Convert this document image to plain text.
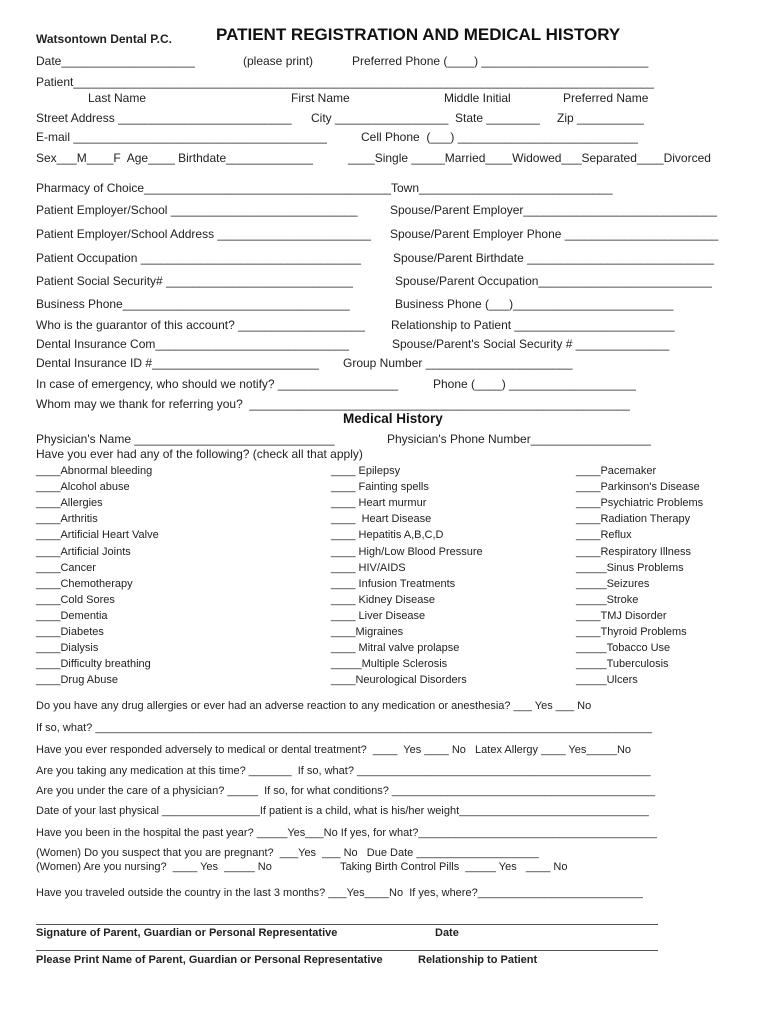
Watsontown Dental P.C.	PATIENT REGISTRATION AND MEDICAL HISTORY
Date____________________	(please print)	Preferred Phone (____) _________________________
Patient_______________________________________________________________________________________
Last Name	First Name	Middle Initial	Preferred Name
Street Address __________________________ City _________________ State ________ Zip __________
E-mail ______________________________________	Cell Phone  (___) ___________________________
Sex___M____F  Age____ Birthdate_____________	____Single _____Married____Widowed___Separated____Divorced
Pharmacy of Choice_____________________________________Town_____________________________
Patient Employer/School ____________________________	Spouse/Parent Employer_____________________________
Patient Employer/School Address _______________________ Spouse/Parent Employer Phone _______________________
Patient Occupation _________________________________	Spouse/Parent Birthdate ____________________________
Patient Social Security# ____________________________	Spouse/Parent Occupation__________________________
Business Phone__________________________________	Business Phone (___)________________________
Who is the guarantor of this account? ___________________ Relationship to Patient ________________________
Dental Insurance Com_____________________________	Spouse/Parent's Social Security # ______________
Dental Insurance ID #_________________________ Group Number ______________________
In case of emergency, who should we notify? __________________	Phone (____) ___________________
Whom may we thank for referring you?  _________________________________________________________
Medical History
Physician's Name ______________________________	Physician's Phone Number__________________
Have you ever had any of the following? (check all that apply)
____Abnormal bleeding
____Alcohol abuse
____Allergies
____Arthritis
____Artificial Heart Valve
____Artificial Joints
____Cancer
____Chemotherapy
____Cold Sores
____Dementia
____Diabetes
____Dialysis
____Difficulty breathing
____Drug Abuse
____ Epilepsy
____ Fainting spells
____ Heart murmur
____  Heart Disease
____ Hepatitis A,B,C,D
____ High/Low Blood Pressure
____ HIV/AIDS
____ Infusion Treatments
____ Kidney Disease
____ Liver Disease
____Migraines
____ Mitral valve prolapse
_____Multiple Sclerosis
____Neurological Disorders
____Pacemaker
____Parkinson's Disease
____Psychiatric Problems
____Radiation Therapy
____Reflux
____Respiratory Illness
_____Sinus Problems
_____Seizures
_____Stroke
____TMJ Disorder
____Thyroid Problems
_____Tobacco Use
_____Tuberculosis
_____Ulcers
Do you have any drug allergies or ever had an adverse reaction to any medication or anesthesia? ___ Yes ___ No
If so, what? ___________________________________________________________________________________________
Have you ever responded adversely to medical or dental treatment?  ____  Yes ____ No   Latex Allergy ____ Yes_____No
Are you taking any medication at this time? _______  If so, what? ________________________________________________
Are you under the care of a physician? _____  If so, for what conditions? ___________________________________________
Date of your last physical ________________If patient is a child, what is his/her weight_______________________________
Have you been in the hospital the past year? _____Yes___No If yes, for what?_______________________________________
(Women) Do you suspect that you are pregnant?  ___Yes  ___ No   Due Date ____________________
(Women) Are you nursing?  ____ Yes  _____ No	Taking Birth Control Pills  _____ Yes   ____ No
Have you traveled outside the country in the last 3 months? ___Yes____No  If yes, where?___________________________
Signature of Parent, Guardian or Personal Representative	Date
Please Print Name of Parent, Guardian or Personal Representative	Relationship to Patient
